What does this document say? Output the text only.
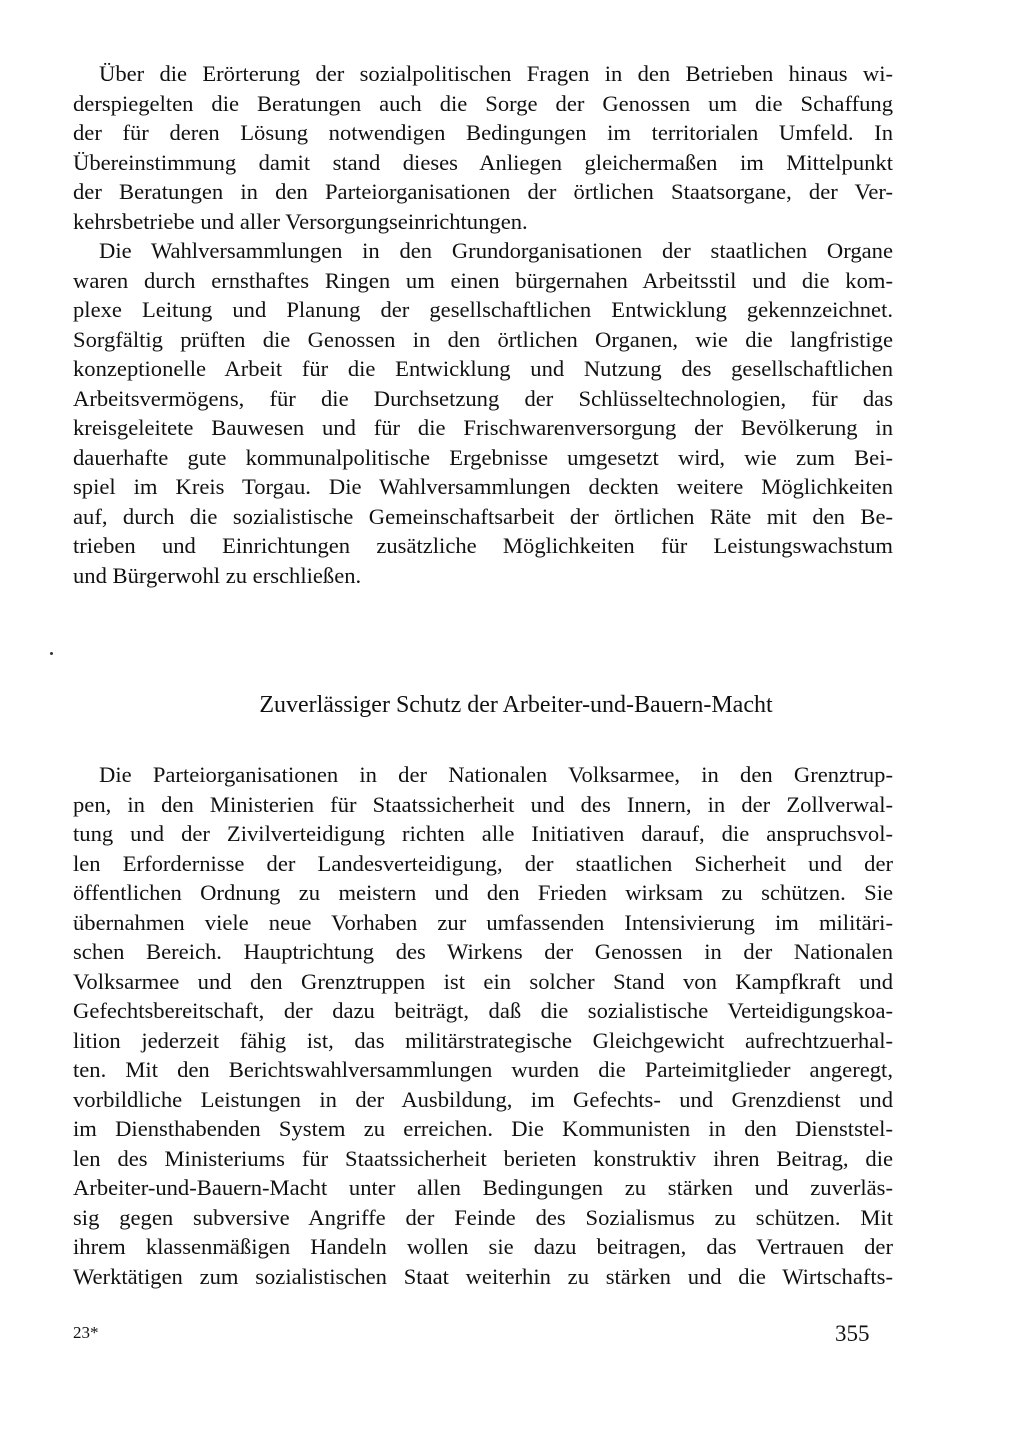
Über die Erörterung der sozialpolitischen Fragen in den Betrieben hinaus wi-
derspiegelten die Beratungen auch die Sorge der Genossen um die Schaffung
der für deren Lösung notwendigen Bedingungen im territorialen Umfeld. In
Übereinstimmung damit stand dieses Anliegen gleichermaßen im Mittelpunkt
der Beratungen in den Parteiorganisationen der örtlichen Staatsorgane, der Ver-
kehrsbetriebe und aller Versorgungseinrichtungen.
Die Wahlversammlungen in den Grundorganisationen der staatlichen Organe
waren durch ernsthaftes Ringen um einen bürgernahen Arbeitsstil und die kom-
plexe Leitung und Planung der gesellschaftlichen Entwicklung gekennzeichnet.
Sorgfältig prüften die Genossen in den örtlichen Organen, wie die langfristige
konzeptionelle Arbeit für die Entwicklung und Nutzung des gesellschaftlichen
Arbeitsvermögens, für die Durchsetzung der Schlüsseltechnologien, für das
kreisgeleitete Bauwesen und für die Frischwarenversorgung der Bevölkerung in
dauerhafte gute kommunalpolitische Ergebnisse umgesetzt wird, wie zum Bei-
spiel im Kreis Torgau. Die Wahlversammlungen deckten weitere Möglichkeiten
auf, durch die sozialistische Gemeinschaftsarbeit der örtlichen Räte mit den Be-
trieben und Einrichtungen zusätzliche Möglichkeiten für Leistungswachstum
und Bürgerwohl zu erschließen.
Zuverlässiger Schutz der Arbeiter-und-Bauern-Macht
Die Parteiorganisationen in der Nationalen Volksarmee, in den Grenztrup-
pen, in den Ministerien für Staatssicherheit und des Innern, in der Zollverwal-
tung und der Zivilverteidigung richten alle Initiativen darauf, die anspruchsvol-
len Erfordernisse der Landesverteidigung, der staatlichen Sicherheit und der
öffentlichen Ordnung zu meistern und den Frieden wirksam zu schützen. Sie
übernahmen viele neue Vorhaben zur umfassenden Intensivierung im militäri-
schen Bereich. Hauptrichtung des Wirkens der Genossen in der Nationalen
Volksarmee und den Grenztruppen ist ein solcher Stand von Kampfkraft und
Gefechtsbereitschaft, der dazu beiträgt, daß die sozialistische Verteidigungskoa-
lition jederzeit fähig ist, das militärstrategische Gleichgewicht aufrechtzuerhal-
ten. Mit den Berichtswahlversammlungen wurden die Parteimitglieder angeregt,
vorbildliche Leistungen in der Ausbildung, im Gefechts- und Grenzdienst und
im Diensthabenden System zu erreichen. Die Kommunisten in den Dienststel-
len des Ministeriums für Staatssicherheit berieten konstruktiv ihren Beitrag, die
Arbeiter-und-Bauern-Macht unter allen Bedingungen zu stärken und zuverläs-
sig gegen subversive Angriffe der Feinde des Sozialismus zu schützen. Mit
ihrem klassenmäßigen Handeln wollen sie dazu beitragen, das Vertrauen der
Werktätigen zum sozialistischen Staat weiterhin zu stärken und die Wirtschafts-
23*	355
